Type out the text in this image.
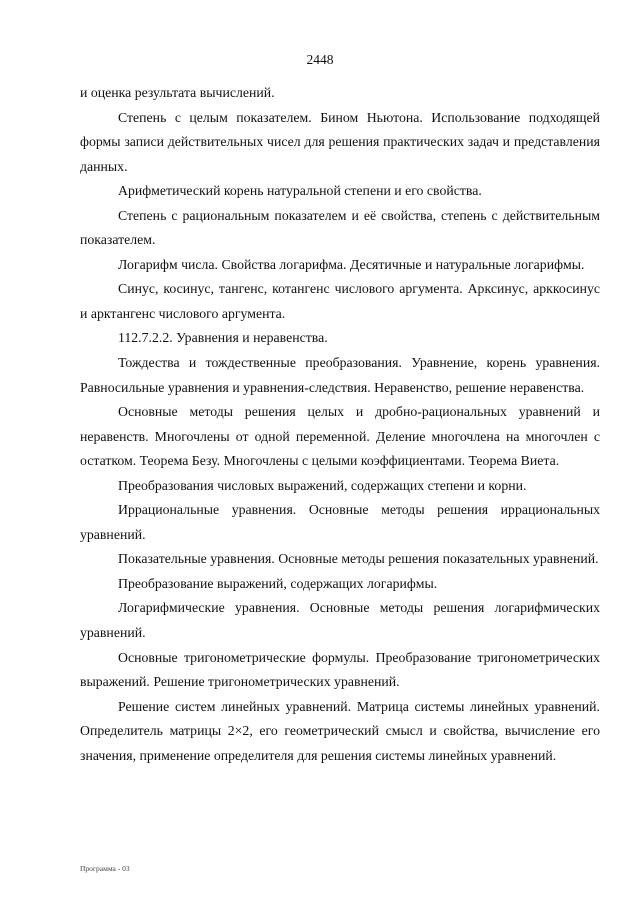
2448

и оценка результата вычислений.

Степень с целым показателем. Бином Ньютона. Использование подходящей формы записи действительных чисел для решения практических задач и представления данных.

Арифметический корень натуральной степени и его свойства.

Степень с рациональным показателем и её свойства, степень с действительным показателем.

Логарифм числа. Свойства логарифма. Десятичные и натуральные логарифмы.

Синус, косинус, тангенс, котангенс числового аргумента. Арксинус, арккосинус и арктангенс числового аргумента.

112.7.2.2. Уравнения и неравенства.

Тождества и тождественные преобразования. Уравнение, корень уравнения. Равносильные уравнения и уравнения-следствия. Неравенство, решение неравенства.

Основные методы решения целых и дробно-рациональных уравнений и неравенств. Многочлены от одной переменной. Деление многочлена на многочлен с остатком. Теорема Безу. Многочлены с целыми коэффициентами. Теорема Виета.

Преобразования числовых выражений, содержащих степени и корни.

Иррациональные уравнения. Основные методы решения иррациональных уравнений.

Показательные уравнения. Основные методы решения показательных уравнений.

Преобразование выражений, содержащих логарифмы.

Логарифмические уравнения. Основные методы решения логарифмических уравнений.

Основные тригонометрические формулы. Преобразование тригонометрических выражений. Решение тригонометрических уравнений.

Решение систем линейных уравнений. Матрица системы линейных уравнений. Определитель матрицы 2×2, его геометрический смысл и свойства, вычисление его значения, применение определителя для решения системы линейных уравнений.

Программа - 03
